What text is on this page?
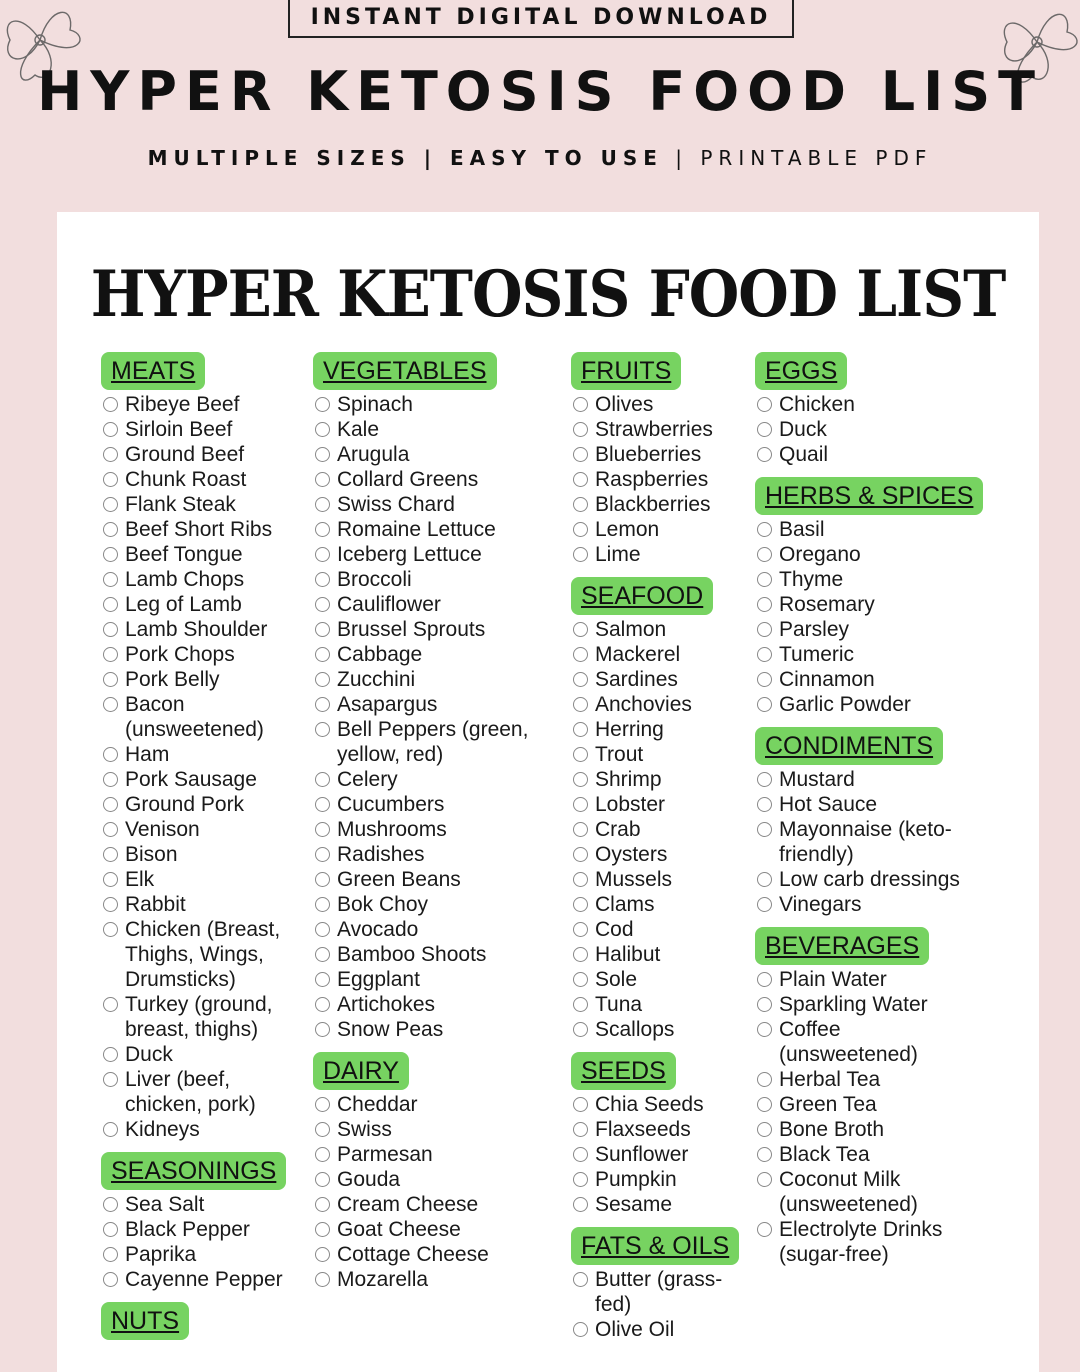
INSTANT DIGITAL DOWNLOAD
HYPER KETOSIS FOOD LIST
MULTIPLE SIZES | EASY TO USE | PRINTABLE PDF
HYPER KETOSIS FOOD LIST
MEATS
Ribeye Beef
Sirloin Beef
Ground Beef
Chunk Roast
Flank Steak
Beef Short Ribs
Beef Tongue
Lamb Chops
Leg of Lamb
Lamb Shoulder
Pork Chops
Pork Belly
Bacon (unsweetened)
Ham
Pork Sausage
Ground Pork
Venison
Bison
Elk
Rabbit
Chicken (Breast, Thighs, Wings, Drumsticks)
Turkey (ground, breast, thighs)
Duck
Liver (beef, chicken, pork)
Kidneys
SEASONINGS
Sea Salt
Black Pepper
Paprika
Cayenne Pepper
NUTS
VEGETABLES
Spinach
Kale
Arugula
Collard Greens
Swiss Chard
Romaine Lettuce
Iceberg Lettuce
Broccoli
Cauliflower
Brussel Sprouts
Cabbage
Zucchini
Asapargus
Bell Peppers (green, yellow, red)
Celery
Cucumbers
Mushrooms
Radishes
Green Beans
Bok Choy
Avocado
Bamboo Shoots
Eggplant
Artichokes
Snow Peas
DAIRY
Cheddar
Swiss
Parmesan
Gouda
Cream Cheese
Goat Cheese
Cottage Cheese
Mozarella
FRUITS
Olives
Strawberries
Blueberries
Raspberries
Blackberries
Lemon
Lime
SEAFOOD
Salmon
Mackerel
Sardines
Anchovies
Herring
Trout
Shrimp
Lobster
Crab
Oysters
Mussels
Clams
Cod
Halibut
Sole
Tuna
Scallops
SEEDS
Chia Seeds
Flaxseeds
Sunflower
Pumpkin
Sesame
FATS & OILS
Butter (grass-fed)
Olive Oil
EGGS
Chicken
Duck
Quail
HERBS & SPICES
Basil
Oregano
Thyme
Rosemary
Parsley
Tumeric
Cinnamon
Garlic Powder
CONDIMENTS
Mustard
Hot Sauce
Mayonnaise (keto-friendly)
Low carb dressings
Vinegars
BEVERAGES
Plain Water
Sparkling Water
Coffee (unsweetened)
Herbal Tea
Green Tea
Bone Broth
Black Tea
Coconut Milk (unsweetened)
Electrolyte Drinks (sugar-free)
